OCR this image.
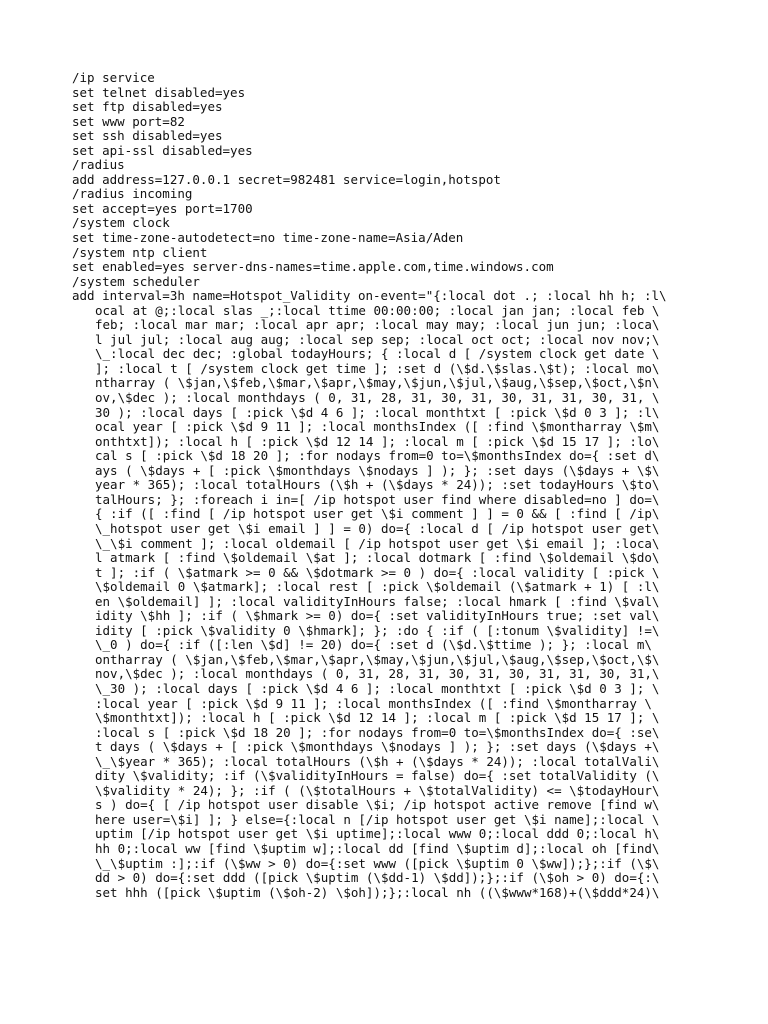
/ip service
set telnet disabled=yes
set ftp disabled=yes
set www port=82
set ssh disabled=yes
set api-ssl disabled=yes
/radius
add address=127.0.0.1 secret=982481 service=login,hotspot
/radius incoming
set accept=yes port=1700
/system clock
set time-zone-autodetect=no time-zone-name=Asia/Aden
/system ntp client
set enabled=yes server-dns-names=time.apple.com,time.windows.com
/system scheduler
add interval=3h name=Hotspot_Validity on-event="{:local dot .; :local hh h; :l\
ocal at @;:local slas _;:local ttime 00:00:00; :local jan jan; :local feb \
feb; :local mar mar; :local apr apr; :local may may; :local jun jun; :loca\
l jul jul; :local aug aug; :local sep sep; :local oct oct; :local nov nov;\
\_:local dec dec; :global todayHours; { :local d [ /system clock get date \
]; :local t [ /system clock get time ]; :set d (\$d.\$slas.\$t); :local mo\
ntharray ( \$jan,\$feb,\$mar,\$apr,\$may,\$jun,\$jul,\$aug,\$sep,\$oct,\$n\
ov,\$dec ); :local monthdays ( 0, 31, 28, 31, 30, 31, 30, 31, 31, 30, 31, \
30 ); :local days [ :pick \$d 4 6 ]; :local monthtxt [ :pick \$d 0 3 ]; :l\
ocal year [ :pick \$d 9 11 ]; :local monthsIndex ([ :find \$montharray \$m\
onthtxt]); :local h [ :pick \$d 12 14 ]; :local m [ :pick \$d 15 17 ]; :lo\
cal s [ :pick \$d 18 20 ]; :for nodays from=0 to=\$monthsIndex do={ :set d\
ays ( \$days + [ :pick \$monthdays \$nodays ] ); }; :set days (\$days + \$\
year * 365); :local totalHours (\$h + (\$days * 24)); :set todayHours \$to\
talHours; }; :foreach i in=[ /ip hotspot user find where disabled=no ] do=\
{ :if ([ :find [ /ip hotspot user get \$i comment ] ] = 0 && [ :find [ /ip\
\_hotspot user get \$i email ] ] = 0) do={ :local d [ /ip hotspot user get\
\_\$i comment ]; :local oldemail [ /ip hotspot user get \$i email ]; :loca\
l atmark [ :find \$oldemail \$at ]; :local dotmark [ :find \$oldemail \$do\
t ]; :if ( \$atmark >= 0 && \$dotmark >= 0 ) do={ :local validity [ :pick \
\$oldemail 0 \$atmark]; :local rest [ :pick \$oldemail (\$atmark + 1) [ :l\
en \$oldemail] ]; :local validityInHours false; :local hmark [ :find \$val\
idity \$hh ]; :if ( \$hmark >= 0) do={ :set validityInHours true; :set val\
idity [ :pick \$validity 0 \$hmark]; }; :do { :if ( [:tonum \$validity] !=\
\_0 ) do={ :if ([:len \$d] != 20) do={ :set d (\$d.\$ttime ); }; :local m\
ontharray ( \$jan,\$feb,\$mar,\$apr,\$may,\$jun,\$jul,\$aug,\$sep,\$oct,\$\
nov,\$dec ); :local monthdays ( 0, 31, 28, 31, 30, 31, 30, 31, 31, 30, 31,\
\_30 ); :local days [ :pick \$d 4 6 ]; :local monthtxt [ :pick \$d 0 3 ]; \
:local year [ :pick \$d 9 11 ]; :local monthsIndex ([ :find \$montharray \
\$monthtxt]); :local h [ :pick \$d 12 14 ]; :local m [ :pick \$d 15 17 ]; \
:local s [ :pick \$d 18 20 ]; :for nodays from=0 to=\$monthsIndex do={ :se\
t days ( \$days + [ :pick \$monthdays \$nodays ] ); }; :set days (\$days +\
\_\$year * 365); :local totalHours (\$h + (\$days * 24)); :local totalVali\
dity \$validity; :if (\$validityInHours = false) do={ :set totalValidity (\
\$validity * 24); }; :if ( (\$totalHours + \$totalValidity) <= \$todayHour\
s ) do={ [ /ip hotspot user disable \$i; /ip hotspot active remove [find w\
here user=\$i] ]; } else={:local n [/ip hotspot user get \$i name];:local \
uptim [/ip hotspot user get \$i uptime];:local www 0;:local ddd 0;:local h\
hh 0;:local ww [find \$uptim w];:local dd [find \$uptim d];:local oh [find\
\_\$uptim :];:if (\$ww > 0) do={:set www ([pick \$uptim 0 \$ww]);};:if (\$\
dd > 0) do={:set ddd ([pick \$uptim (\$dd-1) \$dd]);};:if (\$oh > 0) do={:\
set hhh ([pick \$uptim (\$oh-2) \$oh]);};:local nh ((\$www*168)+(\$ddd*24)\
